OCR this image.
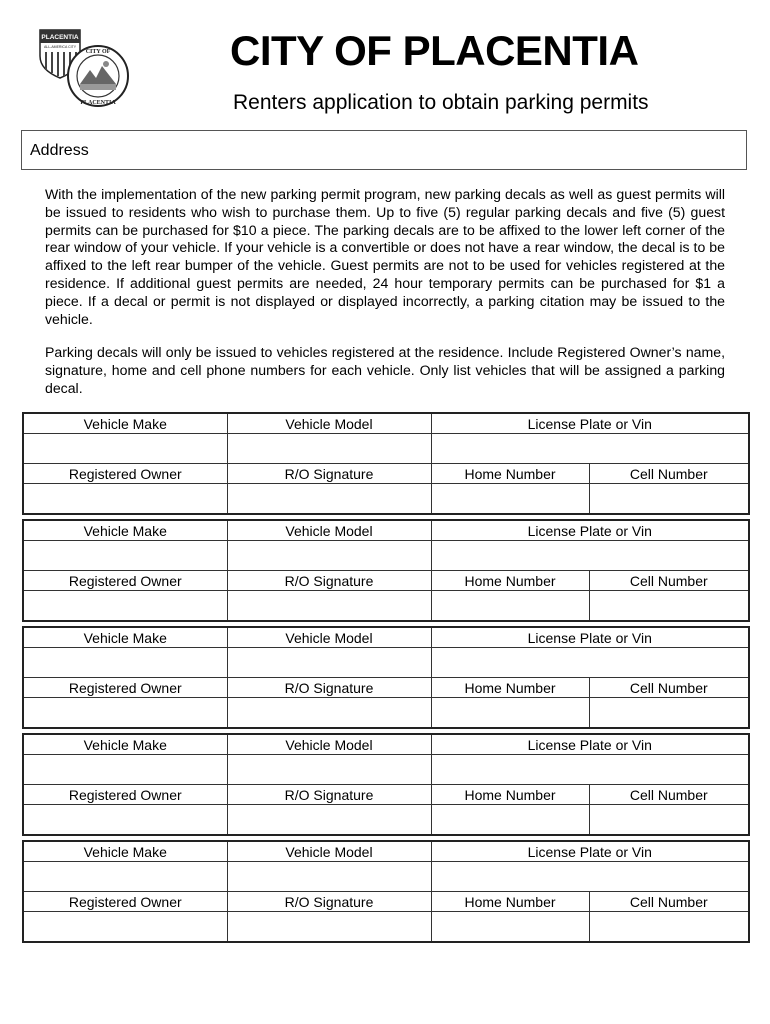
PLACENTIA
ALL-AMERICA CITY
CITY OF
PLACENTIA
CITY OF PLACENTIA
Renters application to obtain parking permits
Address
With the implementation of the new parking permit program, new parking decals as well as guest permits will be issued to residents who wish to purchase them. Up to five (5) regular parking decals and five (5) guest permits can be purchased for $10 a piece. The parking decals are to be affixed to the lower left corner of the rear window of your vehicle. If your vehicle is a convertible or does not have a rear window, the decal is to be affixed to the left rear bumper of the vehicle. Guest permits are not to be used for vehicles registered at the residence. If additional guest permits are needed, 24 hour temporary permits can be purchased for $1 a piece. If a decal or permit is not displayed or displayed incorrectly, a parking citation may be issued to the vehicle.
Parking decals will only be issued to vehicles registered at the residence. Include Registered Owner’s name, signature, home and cell phone numbers for each vehicle. Only list vehicles that will be assigned a parking decal.
Vehicle Make	Vehicle Model	License Plate or Vin	

Registered Owner	R/O Signature	Home Number	Cell Number

Vehicle Make	Vehicle Model	License Plate or Vin	

Registered Owner	R/O Signature	Home Number	Cell Number

Vehicle Make	Vehicle Model	License Plate or Vin	

Registered Owner	R/O Signature	Home Number	Cell Number

Vehicle Make	Vehicle Model	License Plate or Vin	

Registered Owner	R/O Signature	Home Number	Cell Number

Vehicle Make	Vehicle Model	License Plate or Vin	

Registered Owner	R/O Signature	Home Number	Cell Number
